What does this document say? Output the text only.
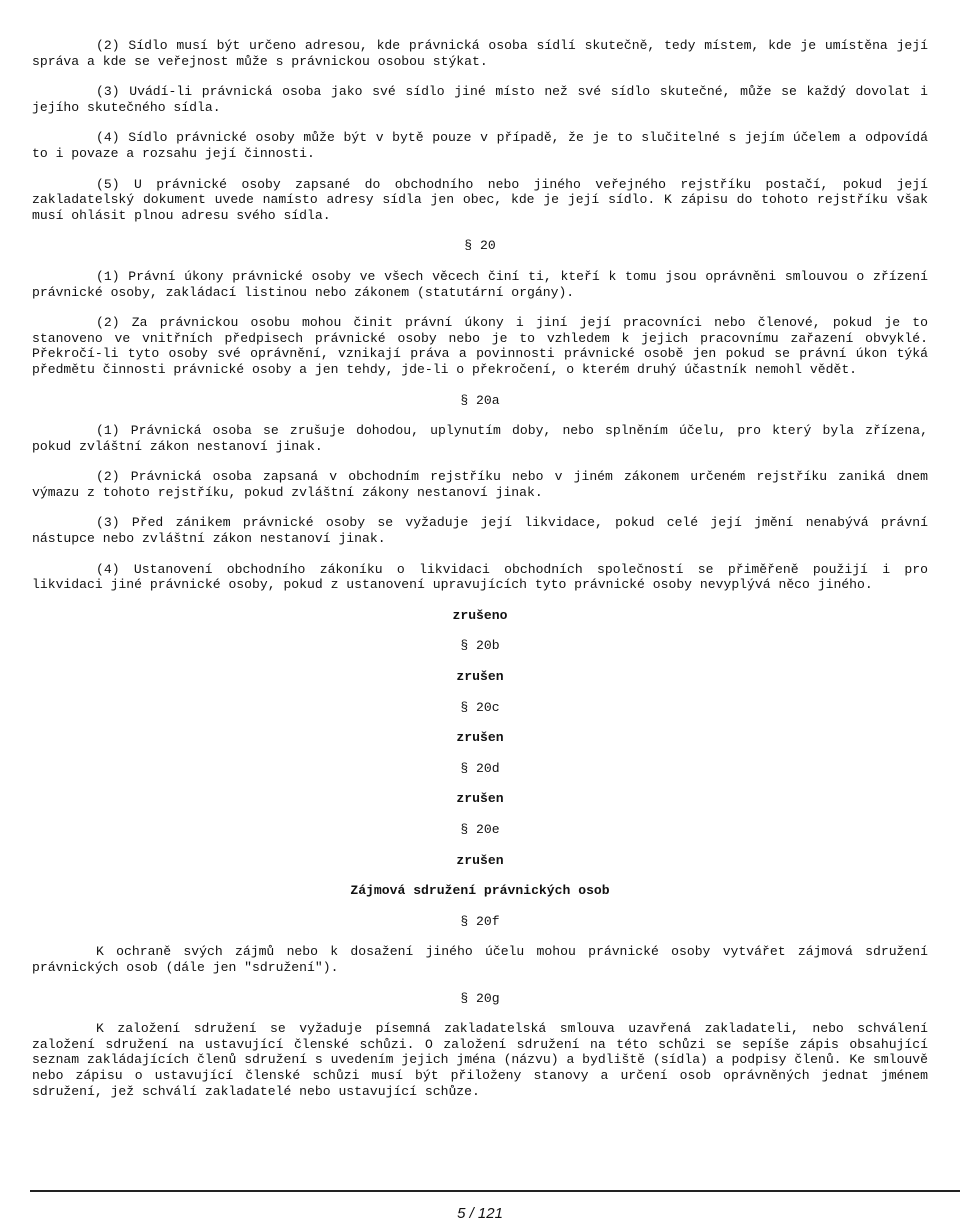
(2) Sídlo musí být určeno adresou, kde právnická osoba sídlí skutečně, tedy místem, kde je umístěna její správa a kde se veřejnost může s právnickou osobou stýkat.

(3) Uvádí-li právnická osoba jako své sídlo jiné místo než své sídlo skutečné, může se každý dovolat i jejího skutečného sídla.

(4) Sídlo právnické osoby může být v bytě pouze v případě, že je to slučitelné s jejím účelem a odpovídá to i povaze a rozsahu její činnosti.

(5) U právnické osoby zapsané do obchodního nebo jiného veřejného rejstříku postačí, pokud její zakladatelský dokument uvede namísto adresy sídla jen obec, kde je její sídlo. K zápisu do tohoto rejstříku však musí ohlásit plnou adresu svého sídla.

§ 20

(1) Právní úkony právnické osoby ve všech věcech činí ti, kteří k tomu jsou oprávněni smlouvou o zřízení právnické osoby, zakládací listinou nebo zákonem (statutární orgány).

(2) Za právnickou osobu mohou činit právní úkony i jiní její pracovníci nebo členové, pokud je to stanoveno ve vnitřních předpisech právnické osoby nebo je to vzhledem k jejich pracovnímu zařazení obvyklé. Překročí-li tyto osoby své oprávnění, vznikají práva a povinnosti právnické osobě jen pokud se právní úkon týká předmětu činnosti právnické osoby a jen tehdy, jde-li o překročení, o kterém druhý účastník nemohl vědět.

§ 20a

(1) Právnická osoba se zrušuje dohodou, uplynutím doby, nebo splněním účelu, pro který byla zřízena, pokud zvláštní zákon nestanoví jinak.

(2) Právnická osoba zapsaná v obchodním rejstříku nebo v jiném zákonem určeném rejstříku zaniká dnem výmazu z tohoto rejstříku, pokud zvláštní zákony nestanoví jinak.

(3) Před zánikem právnické osoby se vyžaduje její likvidace, pokud celé její jmění nenabývá právní nástupce nebo zvláštní zákon nestanoví jinak.

(4) Ustanovení obchodního zákoníku o likvidaci obchodních společností se přiměřeně použijí i pro likvidaci jiné právnické osoby, pokud z ustanovení upravujících tyto právnické osoby nevyplývá něco jiného.

zrušeno

§ 20b

zrušen

§ 20c

zrušen

§ 20d

zrušen

§ 20e

zrušen

Zájmová sdružení právnických osob

§ 20f

K ochraně svých zájmů nebo k dosažení jiného účelu mohou právnické osoby vytvářet zájmová sdružení právnických osob (dále jen "sdružení").

§ 20g

K založení sdružení se vyžaduje písemná zakladatelská smlouva uzavřená zakladateli, nebo schválení založení sdružení na ustavující členské schůzi. O založení sdružení na této schůzi se sepíše zápis obsahující seznam zakládajících členů sdružení s uvedením jejich jména (názvu) a bydliště (sídla) a podpisy členů. Ke smlouvě nebo zápisu o ustavující členské schůzi musí být přiloženy stanovy a určení osob oprávněných jednat jménem sdružení, jež schválí zakladatelé nebo ustavující schůze.

5 / 121
